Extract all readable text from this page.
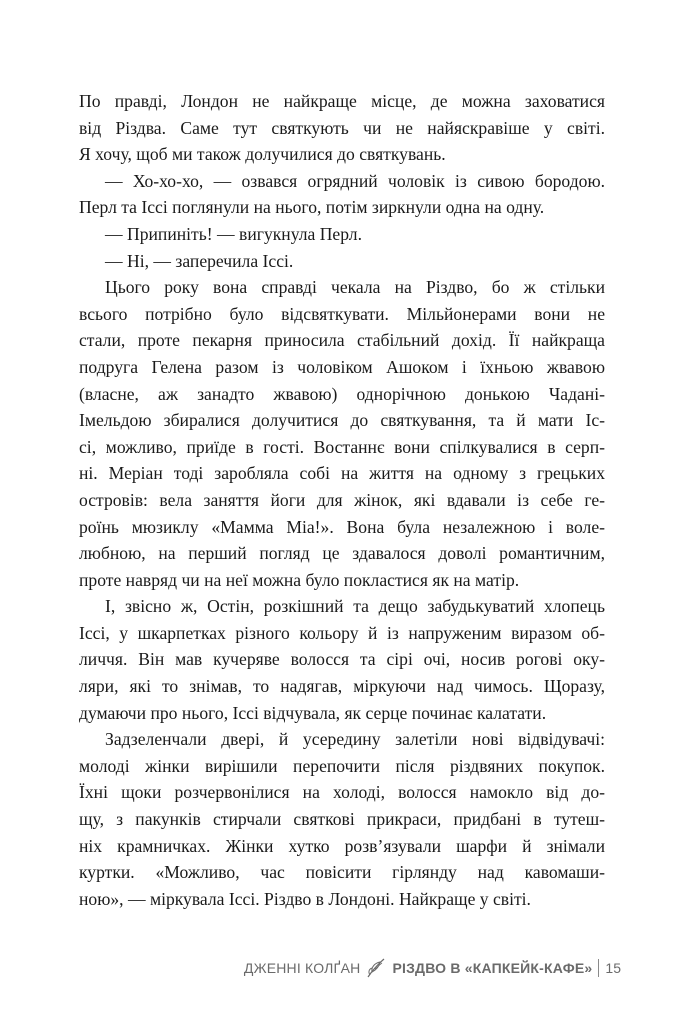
По правді, Лондон не найкраще місце, де можна заховатися
від Різдва. Саме тут святкують чи не найяскравіше у світі.
Я хочу, щоб ми також долучилися до святкувань.
— Хо-хо-хо, — озвався огрядний чоловік із сивою бородою.
Перл та Іссі поглянули на нього, потім зиркнули одна на одну.
— Припиніть! — вигукнула Перл.
— Ні, — заперечила Іссі.
Цього року вона справді чекала на Різдво, бо ж стільки
всього потрібно було відсвяткувати. Мільйонерами вони не
стали, проте пекарня приносила стабільний дохід. Її найкраща
подруга Гелена разом із чоловіком Ашоком і їхньою жвавою
(власне, аж занадто жвавою) однорічною донькою Чадані-
Імельдою збиралися долучитися до святкування, та й мати Іс-
сі, можливо, приїде в гості. Востаннє вони спілкувалися в серп-
ні. Меріан тоді заробляла собі на життя на одному з грецьких
островів: вела заняття йоги для жінок, які вдавали із себе ге-
роїнь мюзиклу «Мамма Міа!». Вона була незалежною і воле-
любною, на перший погляд це здавалося доволі романтичним,
проте навряд чи на неї можна було покластися як на матір.
І, звісно ж, Остін, розкішний та дещо забудькуватий хлопець
Іссі, у шкарпетках різного кольору й із напруженим виразом об-
личчя. Він мав кучеряве волосся та сірі очі, носив рогові оку-
ляри, які то знімав, то надягав, міркуючи над чимось. Щоразу,
думаючи про нього, Іссі відчувала, як серце починає калатати.
Задзеленчали двері, й усередину залетіли нові відвідувачі:
молоді жінки вирішили перепочити після різдвяних покупок.
Їхні щоки розчервонілися на холоді, волосся намокло від до-
щу, з пакунків стирчали святкові прикраси, придбані в тутеш-
ніх крамничках. Жінки хутко розв’язували шарфи й знімали
куртки. «Можливо, час повісити гірлянду над кавомаши-
ною», — міркувала Іссі. Різдво в Лондоні. Найкраще у світі.
ДЖЕННІ КОЛҐАН РІЗДВО В «КАПКЕЙК-КАФЕ» 15
